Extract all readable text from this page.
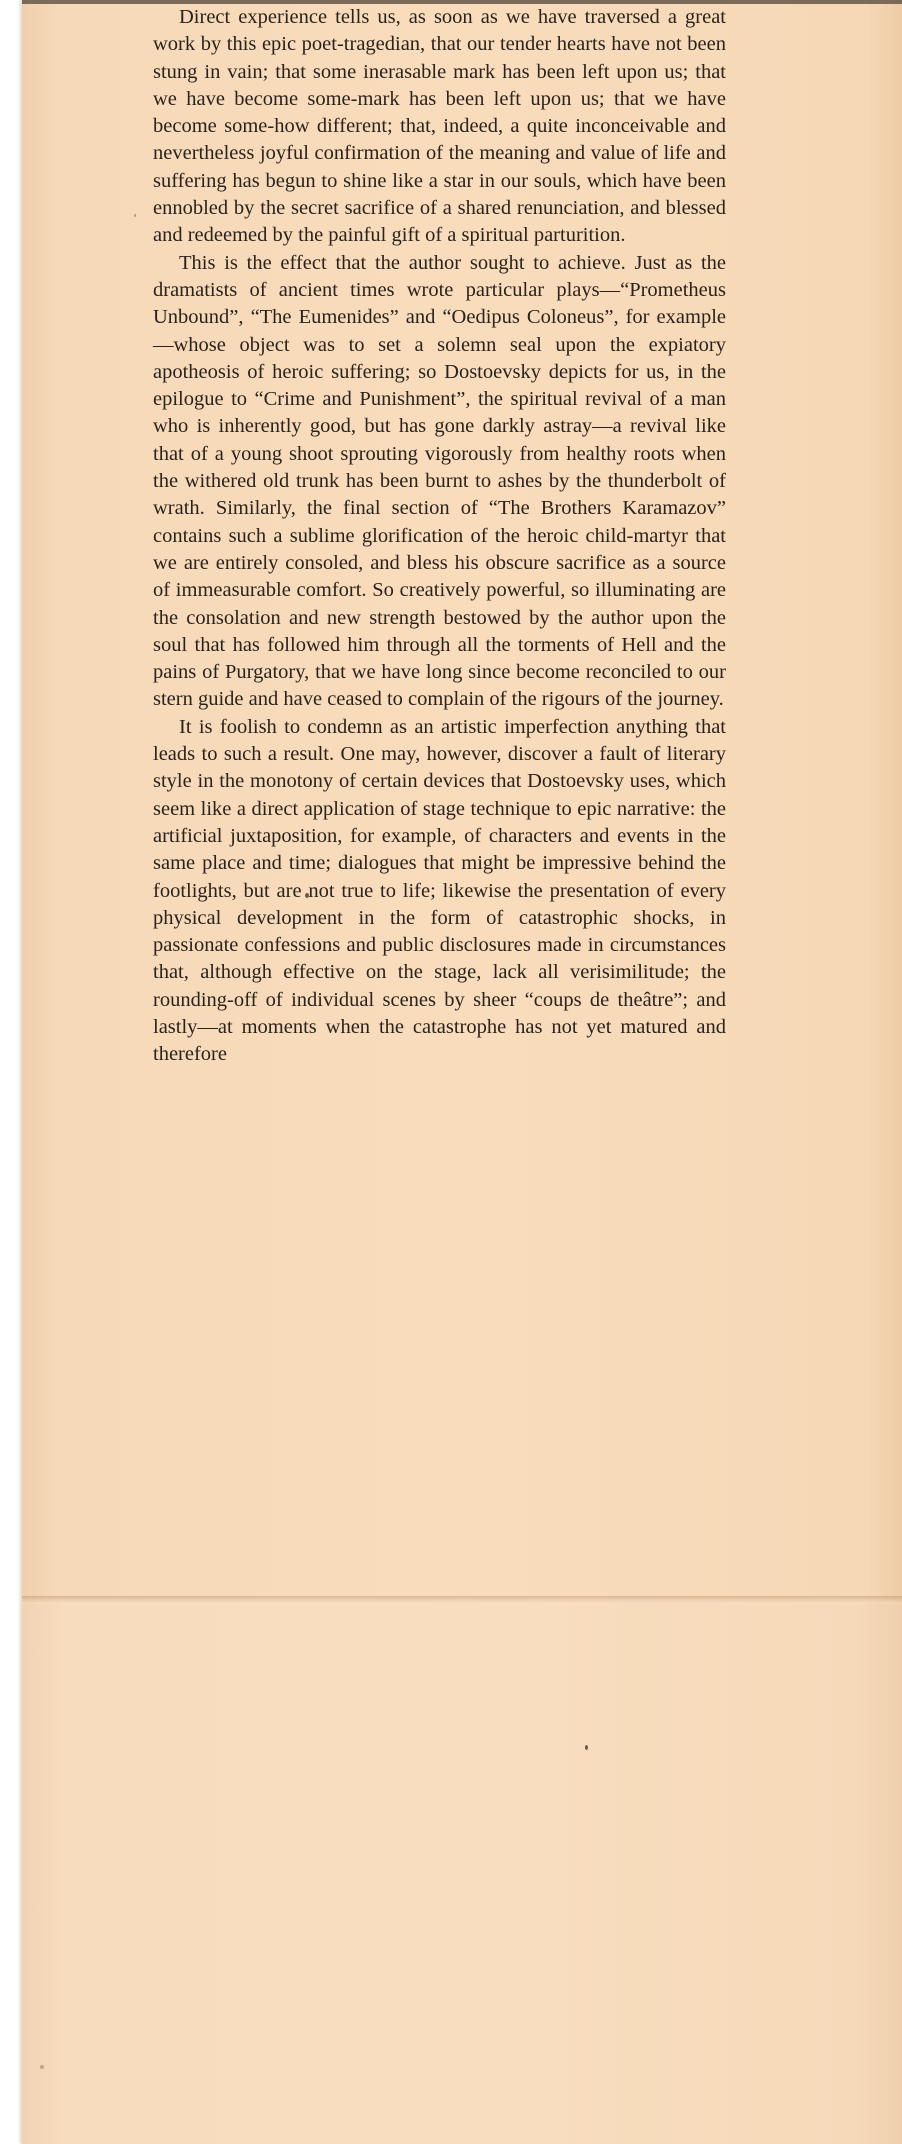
Direct experience tells us, as soon as we have traversed a great work by this epic poet-tragedian, that our tender hearts have not been stung in vain; that some inerasable mark has been left upon us; that we have become some-mark has been left upon us; that we have become some-how different; that, indeed, a quite inconceivable and nevertheless joyful confirmation of the meaning and value of life and suffering has begun to shine like a star in our souls, which have been ennobled by the secret sacrifice of a shared renunciation, and blessed and redeemed by the painful gift of a spiritual parturition.

This is the effect that the author sought to achieve. Just as the dramatists of ancient times wrote particular plays—“Prometheus Unbound”, “The Eumenides” and “Oedipus Coloneus”, for example—whose object was to set a solemn seal upon the expiatory apotheosis of heroic suffering; so Dostoevsky depicts for us, in the epilogue to “Crime and Punishment”, the spiritual revival of a man who is inherently good, but has gone darkly astray—a revival like that of a young shoot sprouting vigorously from healthy roots when the withered old trunk has been burnt to ashes by the thunderbolt of wrath. Similarly, the final section of “The Brothers Karamazov” contains such a sublime glorification of the heroic child-martyr that we are entirely consoled, and bless his obscure sacrifice as a source of immeasurable comfort. So creatively powerful, so illuminating are the consolation and new strength bestowed by the author upon the soul that has followed him through all the torments of Hell and the pains of Purgatory, that we have long since become reconciled to our stern guide and have ceased to complain of the rigours of the journey.

It is foolish to condemn as an artistic imperfection anything that leads to such a result. One may, however, discover a fault of literary style in the monotony of certain devices that Dostoevsky uses, which seem like a direct application of stage technique to epic narrative: the artificial juxtaposition, for example, of characters and events in the same place and time; dialogues that might be impressive behind the footlights, but are not true to life; likewise the presentation of every physical development in the form of catastrophic shocks, in passionate confessions and public disclosures made in circumstances that, although effective on the stage, lack all verisimilitude; the rounding-off of individual scenes by sheer “coups de theâtre”; and lastly—at moments when the catastrophe has not yet matured and therefore
